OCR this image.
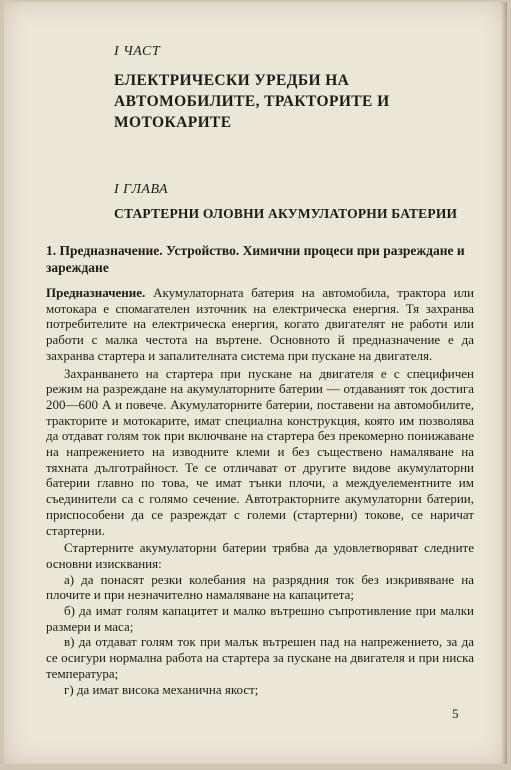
I ЧАСТ
ЕЛЕКТРИЧЕСКИ УРЕДБИ НА АВТОМОБИЛИТЕ, ТРАКТОРИТЕ И МОТОКАРИТЕ
I ГЛАВА
СТАРТЕРНИ ОЛОВНИ АКУМУЛАТОРНИ БАТЕРИИ
1. Предназначение. Устройство. Химични процеси при разреждане и зареждане

Предназначение. Акумулаторната батерия на автомобила, трактора или мотокара е спомагателен източник на електрическа енергия. Тя захранва потребителите на електрическа енергия, когато двигателят не работи или работи с малка честота на въртене. Основното й предназначение е да захранва стартера и запалителната система при пускане на двигателя.

Захранването на стартера при пускане на двигателя е с специфичен режим на разреждане на акумулаторните батерии — отдаваният ток достига 200—600 А и повече. Акумулаторните батерии, поставени на автомобилите, тракторите и мотокарите, имат специална конструкция, която им позволява да отдават голям ток при включване на стартера без прекомерно понижаване на напрежението на изводните клеми и без съществено намаляване на тяхната дълготрайност. Те се отличават от другите видове акумулаторни батерии главно по това, че имат тънки плочи, а междуелементните им съединители са с голямо сечение. Автотракторните акумулаторни батерии, приспособени да се разреждат с големи (стартерни) токове, се наричат стартерни.

Стартерните акумулаторни батерии трябва да удовлетворяват следните основни изисквания:

а) да понасят резки колебания на разрядния ток без изкривяване на плочите и при незначително намаляване на капацитета;

б) да имат голям капацитет и малко вътрешно съпротивление при малки размери и маса;

в) да отдават голям ток при малък вътрешен пад на напрежението, за да се осигури нормална работа на стартера за пускане на двигателя и при ниска температура;

г) да имат висока механична якост;

5
